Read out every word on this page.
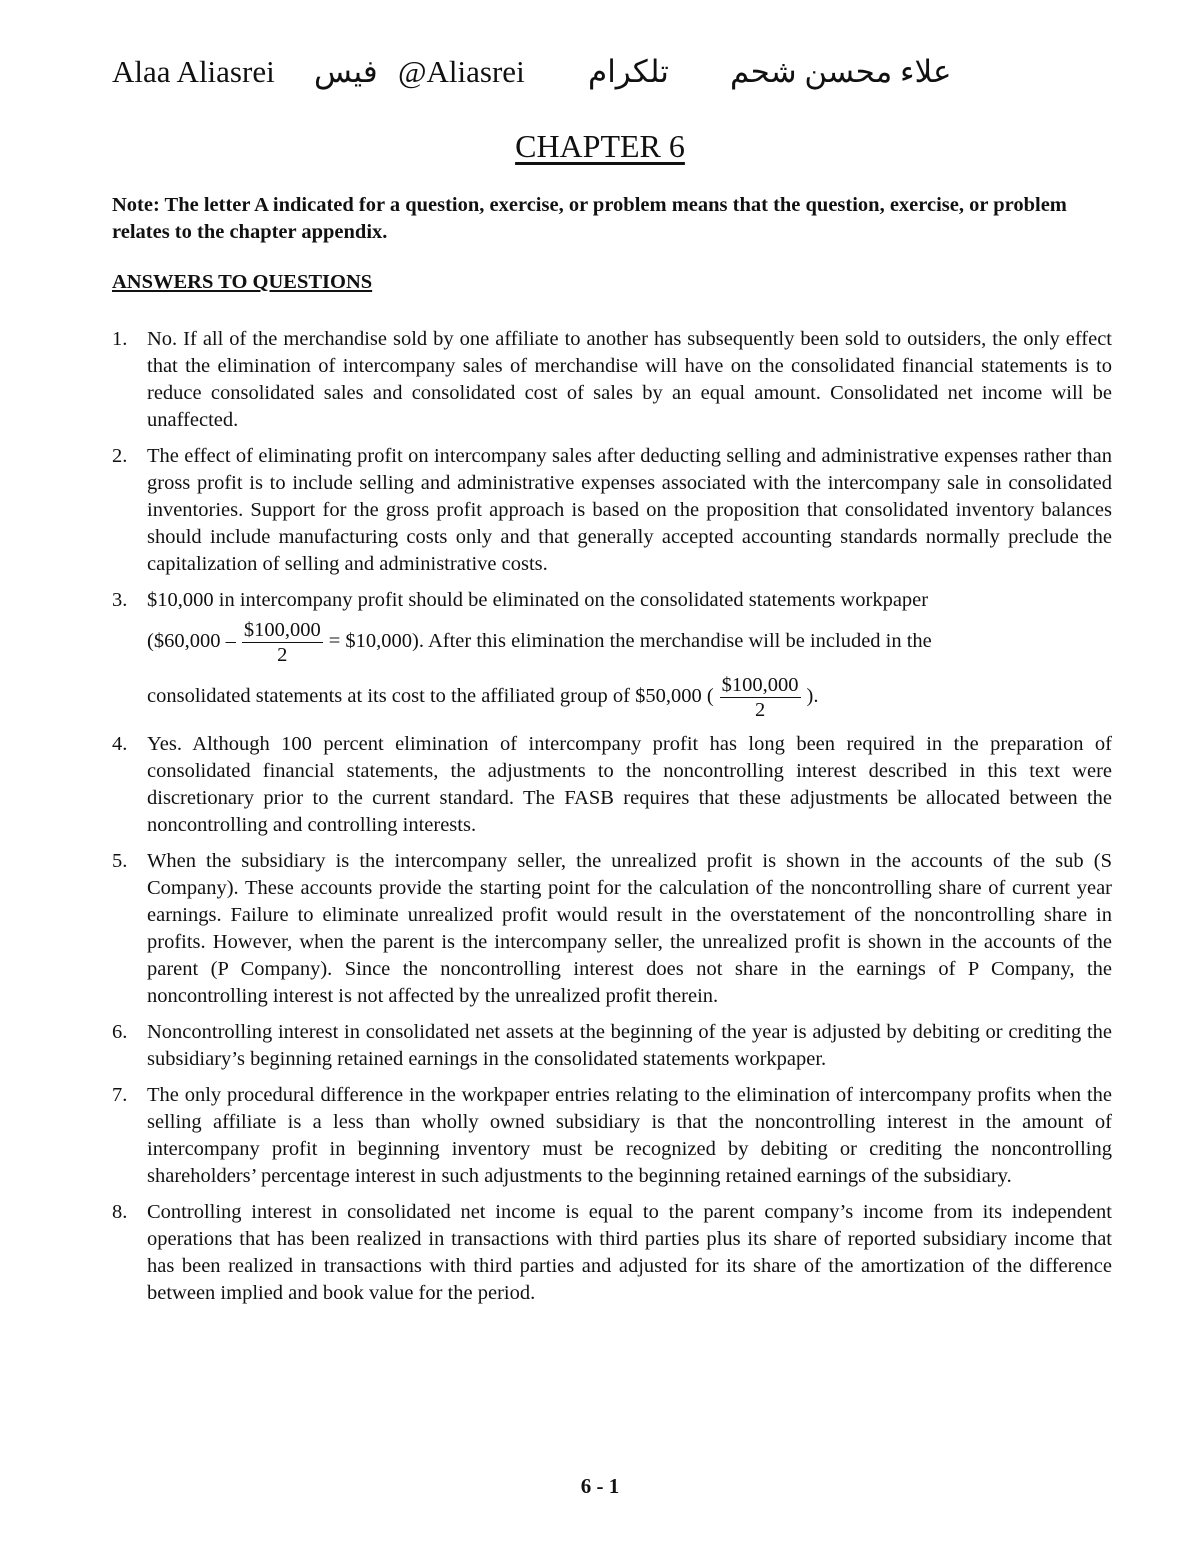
Alaa Aliasrei فيس @Aliasrei تلكرام علاء محسن شحم
CHAPTER 6

Note: The letter A indicated for a question, exercise, or problem means that the question, exercise, or problem relates to the chapter appendix.

ANSWERS TO QUESTIONS
1. No. If all of the merchandise sold by one affiliate to another has subsequently been sold to outsiders, the only effect that the elimination of intercompany sales of merchandise will have on the consolidated financial statements is to reduce consolidated sales and consolidated cost of sales by an equal amount. Consolidated net income will be unaffected.
2. The effect of eliminating profit on intercompany sales after deducting selling and administrative expenses rather than gross profit is to include selling and administrative expenses associated with the intercompany sale in consolidated inventories. Support for the gross profit approach is based on the proposition that consolidated inventory balances should include manufacturing costs only and that generally accepted accounting standards normally preclude the capitalization of selling and administrative costs.
3. $10,000 in intercompany profit should be eliminated on the consolidated statements workpaper
($60,000 – $\frac{\$100,000}{2}$ = $10,000). After this elimination the merchandise will be included in the
consolidated statements at its cost to the affiliated group of $50,000 ( $\frac{\$100,000}{2}$ ).
4. Yes. Although 100 percent elimination of intercompany profit has long been required in the preparation of consolidated financial statements, the adjustments to the noncontrolling interest described in this text were discretionary prior to the current standard. The FASB requires that these adjustments be allocated between the noncontrolling and controlling interests.
5. When the subsidiary is the intercompany seller, the unrealized profit is shown in the accounts of the sub (S Company). These accounts provide the starting point for the calculation of the noncontrolling share of current year earnings. Failure to eliminate unrealized profit would result in the overstatement of the noncontrolling share in profits. However, when the parent is the intercompany seller, the unrealized profit is shown in the accounts of the parent (P Company). Since the noncontrolling interest does not share in the earnings of P Company, the noncontrolling interest is not affected by the unrealized profit therein.
6. Noncontrolling interest in consolidated net assets at the beginning of the year is adjusted by debiting or crediting the subsidiary’s beginning retained earnings in the consolidated statements workpaper.
7. The only procedural difference in the workpaper entries relating to the elimination of intercompany profits when the selling affiliate is a less than wholly owned subsidiary is that the noncontrolling interest in the amount of intercompany profit in beginning inventory must be recognized by debiting or crediting the noncontrolling shareholders’ percentage interest in such adjustments to the beginning retained earnings of the subsidiary.
8. Controlling interest in consolidated net income is equal to the parent company’s income from its independent operations that has been realized in transactions with third parties plus its share of reported subsidiary income that has been realized in transactions with third parties and adjusted for its share of the amortization of the difference between implied and book value for the period.
6 - 1
